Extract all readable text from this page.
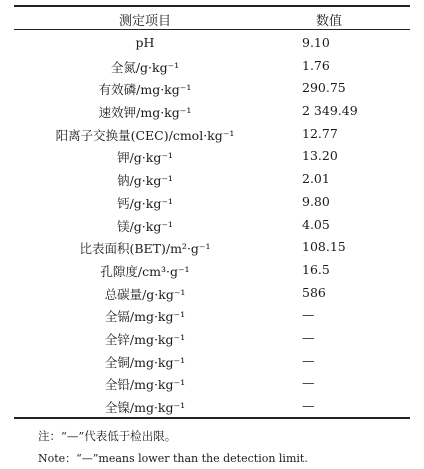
测定项目	数值
pH	9.10
全氮/g·kg⁻¹	1.76
有效磷/mg·kg⁻¹	290.75
速效钾/mg·kg⁻¹	2 349.49
阳离子交换量(CEC)/cmol·kg⁻¹	12.77
钾/g·kg⁻¹	13.20
钠/g·kg⁻¹	2.01
钙/g·kg⁻¹	9.80
镁/g·kg⁻¹	4.05
比表面积(BET)/m²·g⁻¹	108.15
孔隙度/cm³·g⁻¹	16.5
总碳量/g·kg⁻¹	586
全镉/mg·kg⁻¹	—
全锌/mg·kg⁻¹	—
全铜/mg·kg⁻¹	—
全铅/mg·kg⁻¹	—
全镍/mg·kg⁻¹	—
注：“—”代表低于检出限。
Note：“—”means lower than the detection limit.
